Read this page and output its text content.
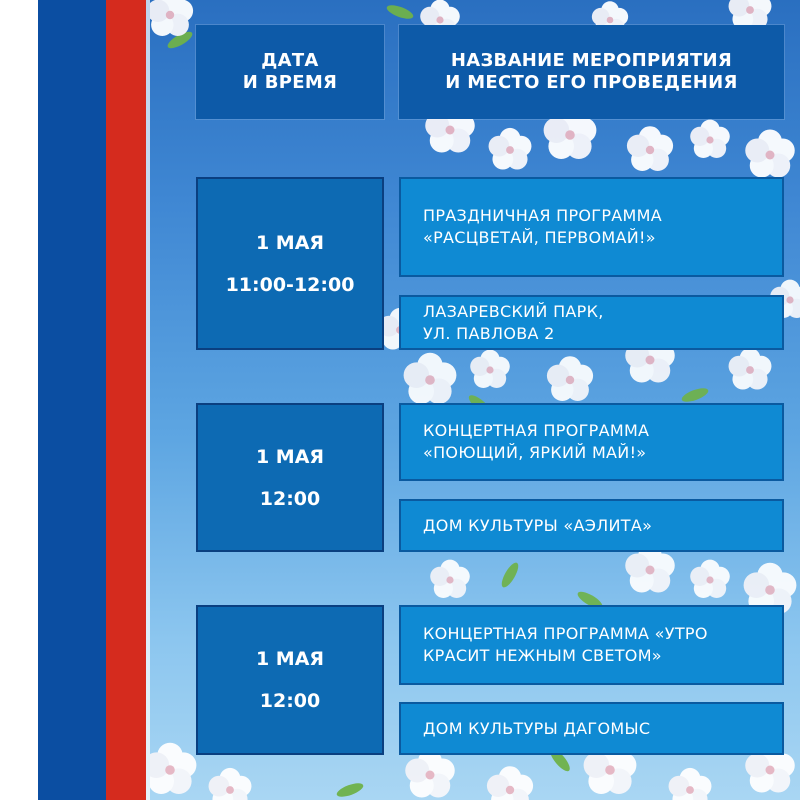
ДАТА
И ВРЕМЯ
НАЗВАНИЕ МЕРОПРИЯТИЯ
И МЕСТО ЕГО ПРОВЕДЕНИЯ
1 МАЯ
11:00-12:00
ПРАЗДНИЧНАЯ ПРОГРАММА
«РАСЦВЕТАЙ, ПЕРВОМАЙ!»
ЛАЗАРЕВСКИЙ ПАРК,
УЛ. ПАВЛОВА 2
1 МАЯ
12:00
КОНЦЕРТНАЯ ПРОГРАММА
«ПОЮЩИЙ, ЯРКИЙ МАЙ!»
ДОМ КУЛЬТУРЫ «АЭЛИТА»
1 МАЯ
12:00
КОНЦЕРТНАЯ ПРОГРАММА «УТРО
КРАСИТ НЕЖНЫМ СВЕТОМ»
ДОМ КУЛЬТУРЫ ДАГОМЫС
